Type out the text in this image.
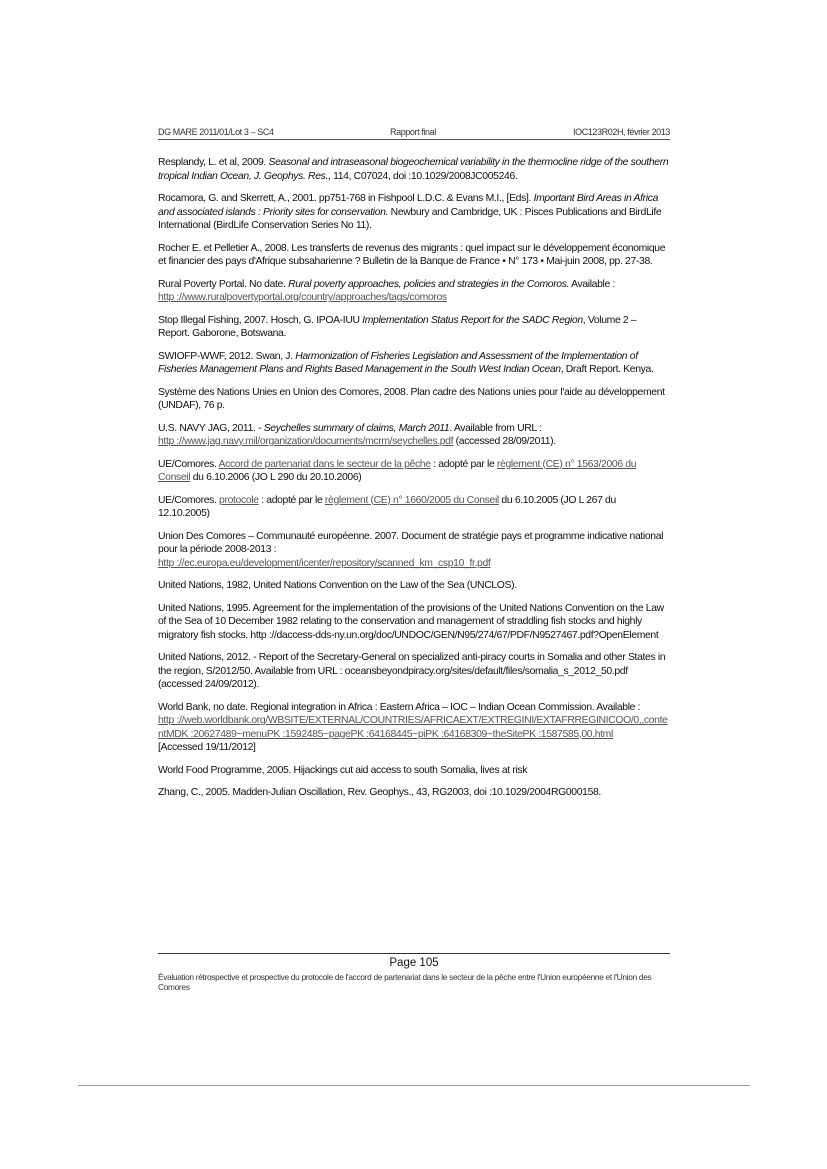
DG MARE 2011/01/Lot 3 – SC4	Rapport final	IOC123R02H, février 2013

Resplandy, L. et al, 2009. Seasonal and intraseasonal biogeochemical variability in the thermocline ridge of the southern tropical Indian Ocean, J. Geophys. Res., 114, C07024, doi :10.1029/2008JC005246.

Rocamora, G. and Skerrett, A., 2001. pp751-768 in Fishpool L.D.C. & Evans M.I., [Eds]. Important Bird Areas in Africa and associated islands : Priority sites for conservation. Newbury and Cambridge, UK : Pisces Publications and BirdLife International (BirdLife Conservation Series No 11).

Rocher E. et Pelletier A., 2008. Les transferts de revenus des migrants : quel impact sur le développement économique et financier des pays d'Afrique subsaharienne ? Bulletin de la Banque de France • N° 173 • Mai-juin 2008, pp. 27-38.

Rural Poverty Portal. No date. Rural poverty approaches, policies and strategies in the Comoros. Available :
http ://www.ruralpovertyportal.org/country/approaches/tags/comoros

Stop Illegal Fishing, 2007. Hosch, G. IPOA-IUU Implementation Status Report for the SADC Region, Volume 2 – Report. Gaborone, Botswana.

SWIOFP-WWF, 2012. Swan, J. Harmonization of Fisheries Legislation and Assessment of the Implementation of Fisheries Management Plans and Rights Based Management in the South West Indian Ocean, Draft Report. Kenya.

Système des Nations Unies en Union des Comores, 2008. Plan cadre des Nations unies pour l'aide au développement (UNDAF), 76 p.

U.S. NAVY JAG, 2011. - Seychelles summary of claims, March 2011. Available from URL :
http ://www.jag.navy.mil/organization/documents/mcrm/seychelles.pdf (accessed 28/09/2011).

UE/Comores. Accord de partenariat dans le secteur de la pêche : adopté par le règlement (CE) n° 1563/2006 du Conseil du 6.10.2006 (JO L 290 du 20.10.2006)

UE/Comores. protocole : adopté par le règlement (CE) n° 1660/2005 du Conseil du 6.10.2005 (JO L 267 du 12.10.2005)

Union Des Comores – Communauté européenne. 2007. Document de stratégie pays et programme indicative national pour la période 2008-2013 :
http ://ec.europa.eu/development/icenter/repository/scanned_km_csp10_fr.pdf

United Nations, 1982, United Nations Convention on the Law of the Sea (UNCLOS).

United Nations, 1995. Agreement for the implementation of the provisions of the United Nations Convention on the Law of the Sea of 10 December 1982 relating to the conservation and management of straddling fish stocks and highly migratory fish stocks. http ://daccess-dds-ny.un.org/doc/UNDOC/GEN/N95/274/67/PDF/N9527467.pdf?OpenElement

United Nations, 2012. - Report of the Secretary-General on specialized anti-piracy courts in Somalia and other States in the region, S/2012/50. Available from URL : oceansbeyondpiracy.org/sites/default/files/somalia_s_2012_50.pdf (accessed 24/09/2012).

World Bank, no date. Regional integration in Africa : Eastern Africa – IOC – Indian Ocean Commission. Available :
http ://web.worldbank.org/WBSITE/EXTERNAL/COUNTRIES/AFRICAEXT/EXTREGINI/EXTAFRREGINICOO/0,,contentMDK :20627489~menuPK :1592485~pagePK :64168445~piPK :64168309~theSitePK :1587585,00.html
[Accessed 19/11/2012]

World Food Programme, 2005. Hijackings cut aid access to south Somalia, lives at risk

Zhang, C., 2005. Madden-Julian Oscillation, Rev. Geophys., 43, RG2003, doi :10.1029/2004RG000158.

Page 105
Évaluation rétrospective et prospective du protocole de l'accord de partenariat dans le secteur de la pêche entre l'Union européenne et l'Union des Comores
